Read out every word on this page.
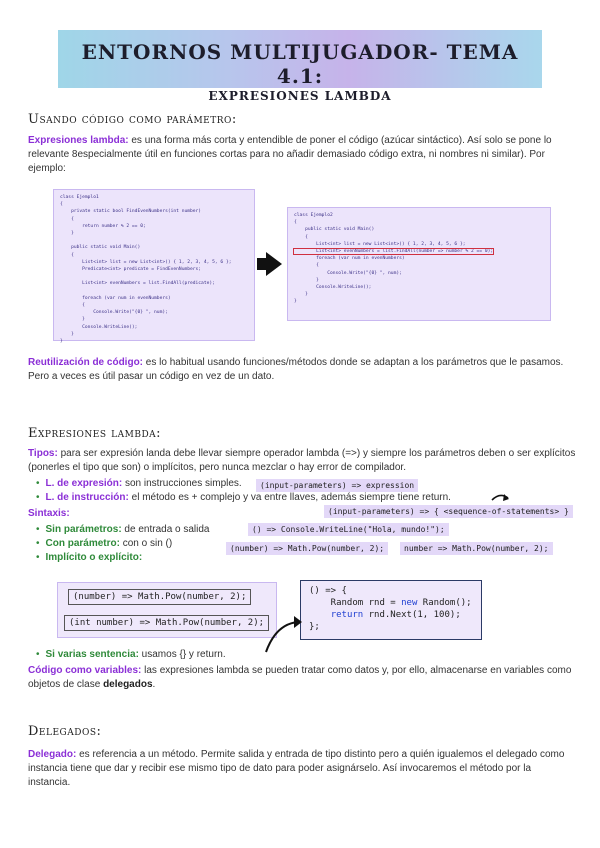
ENTORNOS MULTIJUGADOR- TEMA 4.1:
EXPRESIONES LAMBDA
Usando código como parámetro:
Expresiones lambda: es una forma más corta y entendible de poner el código (azúcar sintáctico). Así solo se pone lo relevante 8especialmente útil en funciones cortas para no añadir demasiado código extra, ni nombres ni similar). Por ejemplo:
class Ejemplo1
{
private static bool FindEvenNumbers(int number)
{
return number % 2 == 0;
}

public static void Main()
{
List<int> list = new List<int>() { 1, 2, 3, 4, 5, 6 };
Predicate<int> predicate = FindEvenNumbers;

List<int> evenNumbers = list.FindAll(predicate);

foreach (var num in evenNumbers)
{
Console.Write("{0} ", num);
}
Console.WriteLine();
}
}
class Ejemplo2
{
public static void Main()
{
List<int> list = new List<int>() { 1, 2, 3, 4, 5, 6 };
List<int> evenNumbers = list.FindAll(number => number % 2 == 0);
foreach (var num in evenNumbers)
{
Console.Write("{0} ", num);
}
Console.WriteLine();
}
}
Reutilización de código: es lo habitual usando funciones/métodos donde se adaptan a los parámetros que le pasamos. Pero a veces es útil pasar un código en vez de un dato.
Expresiones lambda:
Tipos: para ser expresión landa debe llevar siempre operador lambda (=>) y siempre los parámetros deben o ser explícitos (ponerles el tipo que son) o implícitos, pero nunca mezclar o hay error de compilador.
• L. de expresión: son instrucciones simples.
• L. de instrucción: el método es + complejo y va entre llaves, además siempre tiene return.
(input-parameters) => expression
(input-parameters) => { <sequence-of-statements> }
Sintaxis:
• Sin parámetros: de entrada o salida
• Con parámetro: con o sin ()
• Implícito o explícito:
() => Console.WriteLine("Hola, mundo!");
(number) => Math.Pow(number, 2);	number => Math.Pow(number, 2);
(number) => Math.Pow(number, 2);
(int number) => Math.Pow(number, 2);
() => {
Random rnd = new Random();
return rnd.Next(1, 100);
};
• Si varias sentencia: usamos {} y return.
Código como variables: las expresiones lambda se pueden tratar como datos y, por ello, almacenarse en variables como objetos de clase delegados.
Delegados:
Delegado: es referencia a un método. Permite salida y entrada de tipo distinto pero a quién igualemos el delegado como instancia tiene que dar y recibir ese mismo tipo de dato para poder asignárselo. Así invocaremos el método por la instancia.
